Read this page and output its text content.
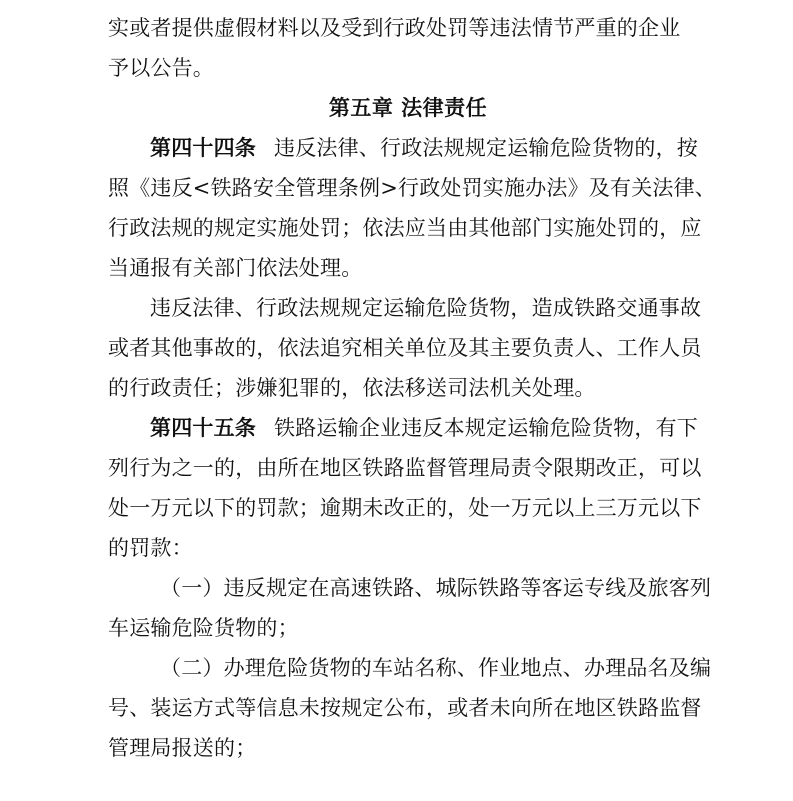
实或者提供虚假材料以及受到行政处罚等违法情节严重的企业

予以公告。

第五章 法律责任

第四十四条 违反法律、行政法规规定运输危险货物的，按

照《违反<铁路安全管理条例>行政处罚实施办法》及有关法律、

行政法规的规定实施处罚；依法应当由其他部门实施处罚的，应

当通报有关部门依法处理。

违反法律、行政法规规定运输危险货物，造成铁路交通事故

或者其他事故的，依法追究相关单位及其主要负责人、工作人员

的行政责任；涉嫌犯罪的，依法移送司法机关处理。

第四十五条 铁路运输企业违反本规定运输危险货物，有下

列行为之一的，由所在地区铁路监督管理局责令限期改正，可以

处一万元以下的罚款；逾期未改正的，处一万元以上三万元以下

的罚款：

（一）违反规定在高速铁路、城际铁路等客运专线及旅客列

车运输危险货物的；

（二）办理危险货物的车站名称、作业地点、办理品名及编

号、装运方式等信息未按规定公布，或者未向所在地区铁路监督

管理局报送的；
